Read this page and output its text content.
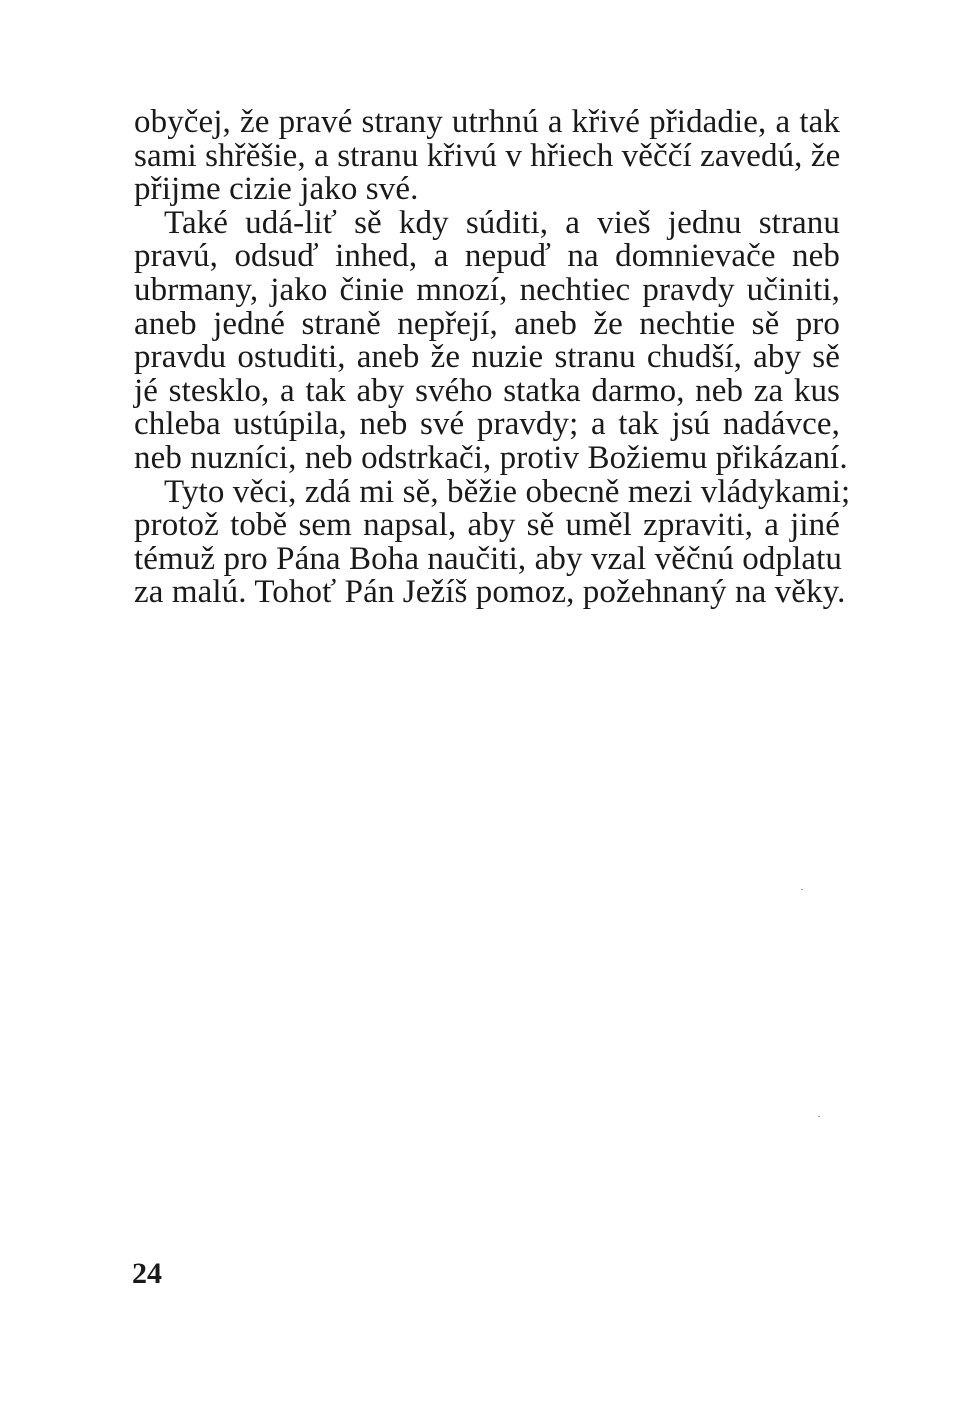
obyčej, že pravé strany utrhnú a křivé přidadie, a tak
sami shřěšie, a stranu křivú v hřiech věččí zavedú, že
přijme cizie jako své.
Také udá-liť sě kdy súditi, a vieš jednu stranu
pravú, odsuď inhed, a nepuď na domnievače neb
ubrmany, jako činie mnozí, nechtiec pravdy učiniti,
aneb jedné straně nepřejí, aneb že nechtie sě pro
pravdu ostuditi, aneb že nuzie stranu chudší, aby sě
jé stesklo, a tak aby svého statka darmo, neb za kus
chleba ustúpila, neb své pravdy; a tak jsú nadávce,
neb nuzníci, neb odstrkači, protiv Božiemu přikázaní.
Tyto věci, zdá mi sě, běžie obecně mezi vládykami;
protož tobě sem napsal, aby sě uměl zpraviti, a jiné
témuž pro Pána Boha naučiti, aby vzal věčnú odplatu
za malú. Tohoť Pán Ježíš pomoz, požehnaný na věky.
24
